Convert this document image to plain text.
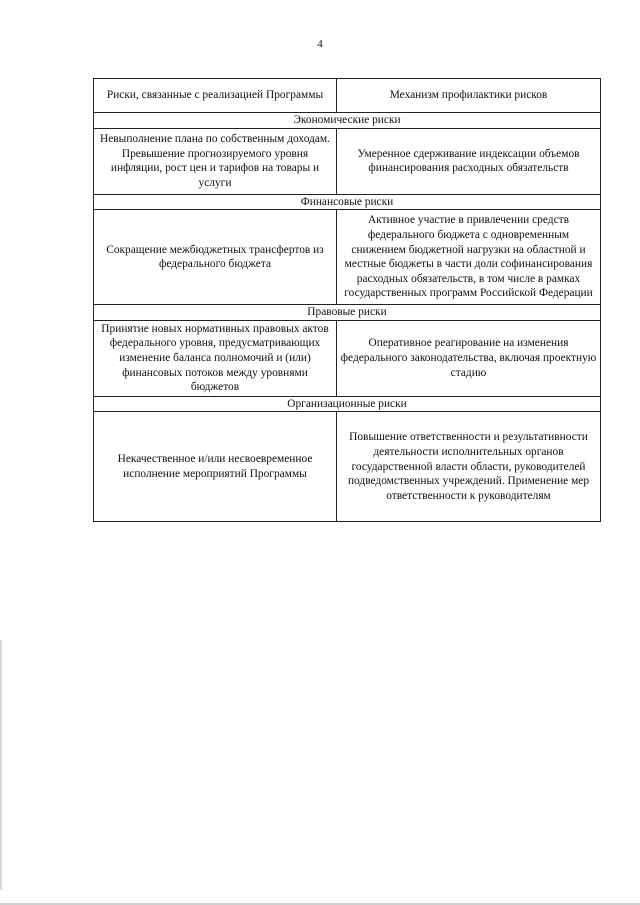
4
Риски, связанные с реализацией Программы	Механизм профилактики рисков
Экономические риски	
Невыполнение плана по собственным доходам. Превышение прогнозируемого уровня инфляции, рост цен и тарифов на товары и услуги	Умеренное сдерживание индексации объемов финансирования расходных обязательств
Финансовые риски	
Сокращение межбюджетных трансфертов из федерального бюджета	Активное участие в привлечении средств федерального бюджета с одновременным снижением бюджетной нагрузки на областной и местные бюджеты в части доли софинансирования расходных обязательств, в том числе в рамках государственных программ Российской Федерации
Правовые риски	
Принятие новых нормативных правовых актов федерального уровня, предусматривающих изменение баланса полномочий и (или) финансовых потоков между уровнями бюджетов	Оперативное реагирование на изменения федерального законодательства, включая проектную стадию
Организационные риски	
Некачественное и/или несвоевременное исполнение мероприятий Программы	Повышение ответственности и результативности деятельности исполнительных органов государственной власти области, руководителей подведомственных учреждений. Применение мер ответственности к руководителям
